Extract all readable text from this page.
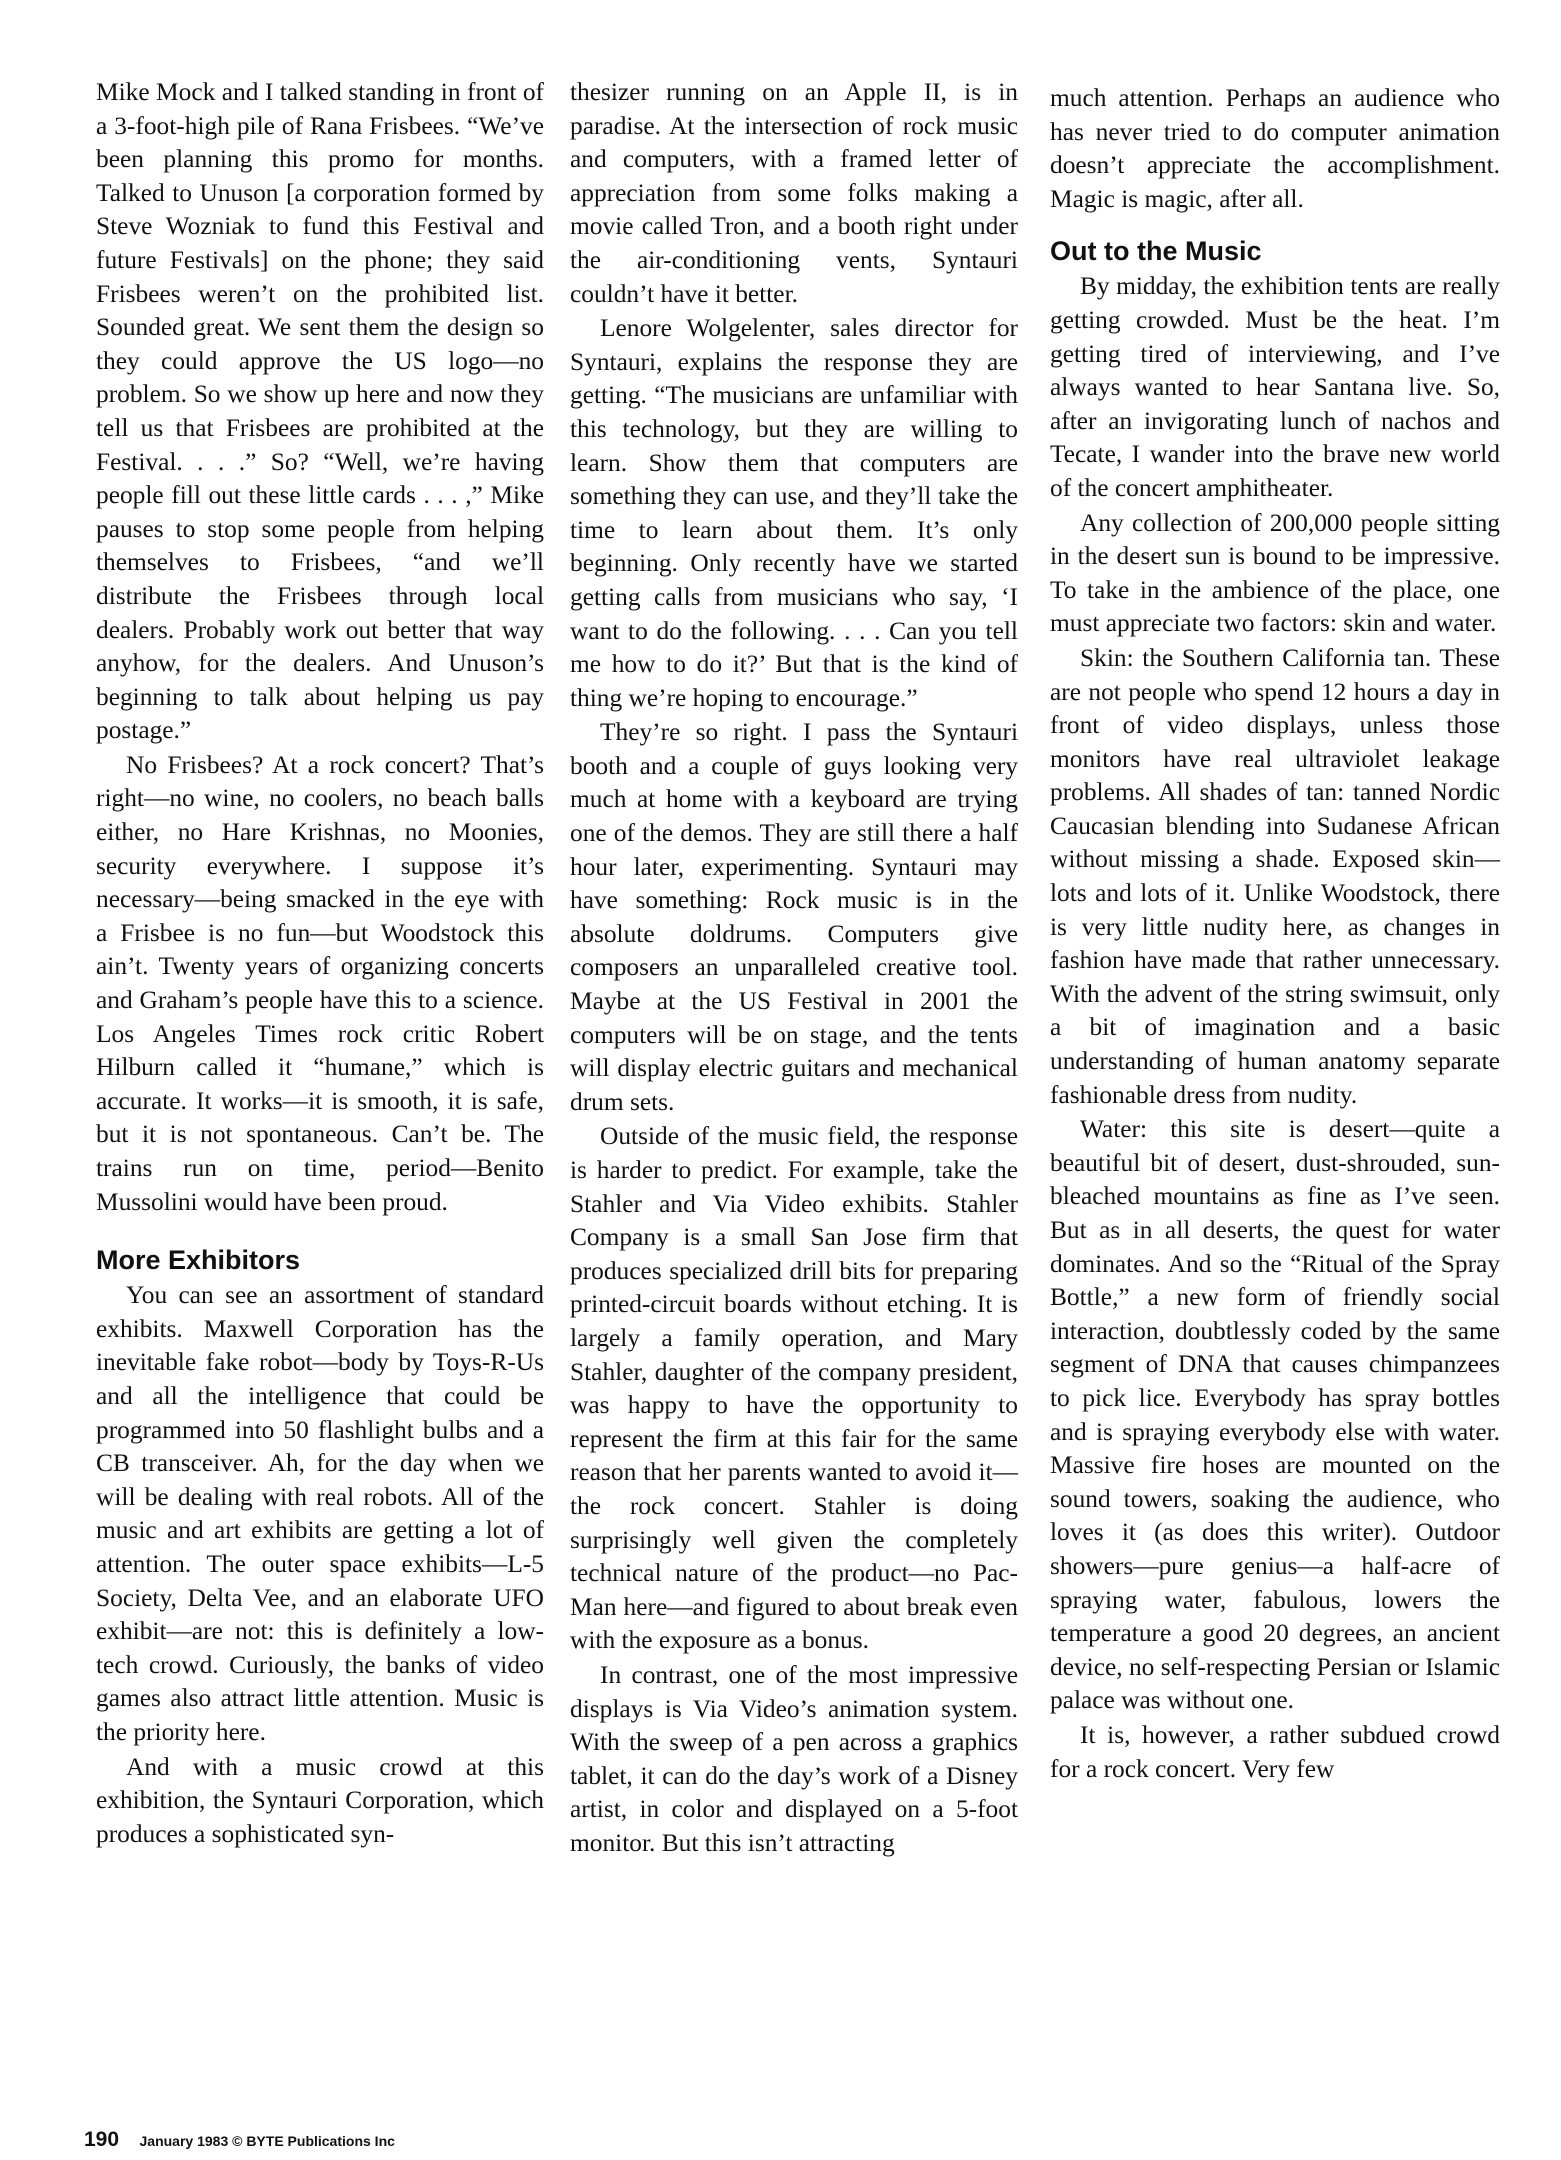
Mike Mock and I talked standing in front of a 3-foot-high pile of Rana Frisbees. “We’ve been planning this promo for months. Talked to Unuson [a corporation formed by Steve Wozniak to fund this Festival and future Festivals] on the phone; they said Frisbees weren’t on the prohibited list. Sounded great. We sent them the design so they could approve the US logo—no problem. So we show up here and now they tell us that Frisbees are prohibited at the Festival. . . .” So? “Well, we’re having people fill out these little cards . . . ,” Mike pauses to stop some people from helping themselves to Frisbees, “and we’ll distribute the Frisbees through local dealers. Probably work out better that way anyhow, for the dealers. And Unuson’s beginning to talk about helping us pay postage.”

No Frisbees? At a rock concert? That’s right—no wine, no coolers, no beach balls either, no Hare Krishnas, no Moonies, security everywhere. I suppose it’s necessary—being smacked in the eye with a Frisbee is no fun—but Woodstock this ain’t. Twenty years of organizing concerts and Graham’s people have this to a science. Los Angeles Times rock critic Robert Hilburn called it “humane,” which is accurate. It works—it is smooth, it is safe, but it is not spontaneous. Can’t be. The trains run on time, period—Benito Mussolini would have been proud.

More Exhibitors

You can see an assortment of standard exhibits. Maxwell Corporation has the inevitable fake robot—body by Toys-R-Us and all the intelligence that could be programmed into 50 flashlight bulbs and a CB transceiver. Ah, for the day when we will be dealing with real robots. All of the music and art exhibits are getting a lot of attention. The outer space exhibits—L-5 Society, Delta Vee, and an elaborate UFO exhibit—are not: this is definitely a low-tech crowd. Curiously, the banks of video games also attract little attention. Music is the priority here.

And with a music crowd at this exhibition, the Syntauri Corporation, which produces a sophisticated syn-

thesizer running on an Apple II, is in paradise. At the intersection of rock music and computers, with a framed letter of appreciation from some folks making a movie called Tron, and a booth right under the air-conditioning vents, Syntauri couldn’t have it better.

Lenore Wolgelenter, sales director for Syntauri, explains the response they are getting. “The musicians are unfamiliar with this technology, but they are willing to learn. Show them that computers are something they can use, and they’ll take the time to learn about them. It’s only beginning. Only recently have we started getting calls from musicians who say, ‘I want to do the following. . . . Can you tell me how to do it?’ But that is the kind of thing we’re hoping to encourage.”

They’re so right. I pass the Syntauri booth and a couple of guys looking very much at home with a keyboard are trying one of the demos. They are still there a half hour later, experimenting. Syntauri may have something: Rock music is in the absolute doldrums. Computers give composers an unparalleled creative tool. Maybe at the US Festival in 2001 the computers will be on stage, and the tents will display electric guitars and mechanical drum sets.

Outside of the music field, the response is harder to predict. For example, take the Stahler and Via Video exhibits. Stahler Company is a small San Jose firm that produces specialized drill bits for preparing printed-circuit boards without etching. It is largely a family operation, and Mary Stahler, daughter of the company president, was happy to have the opportunity to represent the firm at this fair for the same reason that her parents wanted to avoid it—the rock concert. Stahler is doing surprisingly well given the completely technical nature of the product—no Pac-Man here—and figured to about break even with the exposure as a bonus.

In contrast, one of the most impressive displays is Via Video’s animation system. With the sweep of a pen across a graphics tablet, it can do the day’s work of a Disney artist, in color and displayed on a 5-foot monitor. But this isn’t attracting

much attention. Perhaps an audience who has never tried to do computer animation doesn’t appreciate the accomplishment. Magic is magic, after all.

Out to the Music

By midday, the exhibition tents are really getting crowded. Must be the heat. I’m getting tired of interviewing, and I’ve always wanted to hear Santana live. So, after an invigorating lunch of nachos and Tecate, I wander into the brave new world of the concert amphitheater.

Any collection of 200,000 people sitting in the desert sun is bound to be impressive. To take in the ambience of the place, one must appreciate two factors: skin and water.

Skin: the Southern California tan. These are not people who spend 12 hours a day in front of video displays, unless those monitors have real ultraviolet leakage problems. All shades of tan: tanned Nordic Caucasian blending into Sudanese African without missing a shade. Exposed skin—lots and lots of it. Unlike Woodstock, there is very little nudity here, as changes in fashion have made that rather unnecessary. With the advent of the string swimsuit, only a bit of imagination and a basic understanding of human anatomy separate fashionable dress from nudity.

Water: this site is desert—quite a beautiful bit of desert, dust-shrouded, sun-bleached mountains as fine as I’ve seen. But as in all deserts, the quest for water dominates. And so the “Ritual of the Spray Bottle,” a new form of friendly social interaction, doubtlessly coded by the same segment of DNA that causes chimpanzees to pick lice. Everybody has spray bottles and is spraying everybody else with water. Massive fire hoses are mounted on the sound towers, soaking the audience, who loves it (as does this writer). Outdoor showers—pure genius—a half-acre of spraying water, fabulous, lowers the temperature a good 20 degrees, an ancient device, no self-respecting Persian or Islamic palace was without one.

It is, however, a rather subdued crowd for a rock concert. Very few

190 January 1983 © BYTE Publications Inc
